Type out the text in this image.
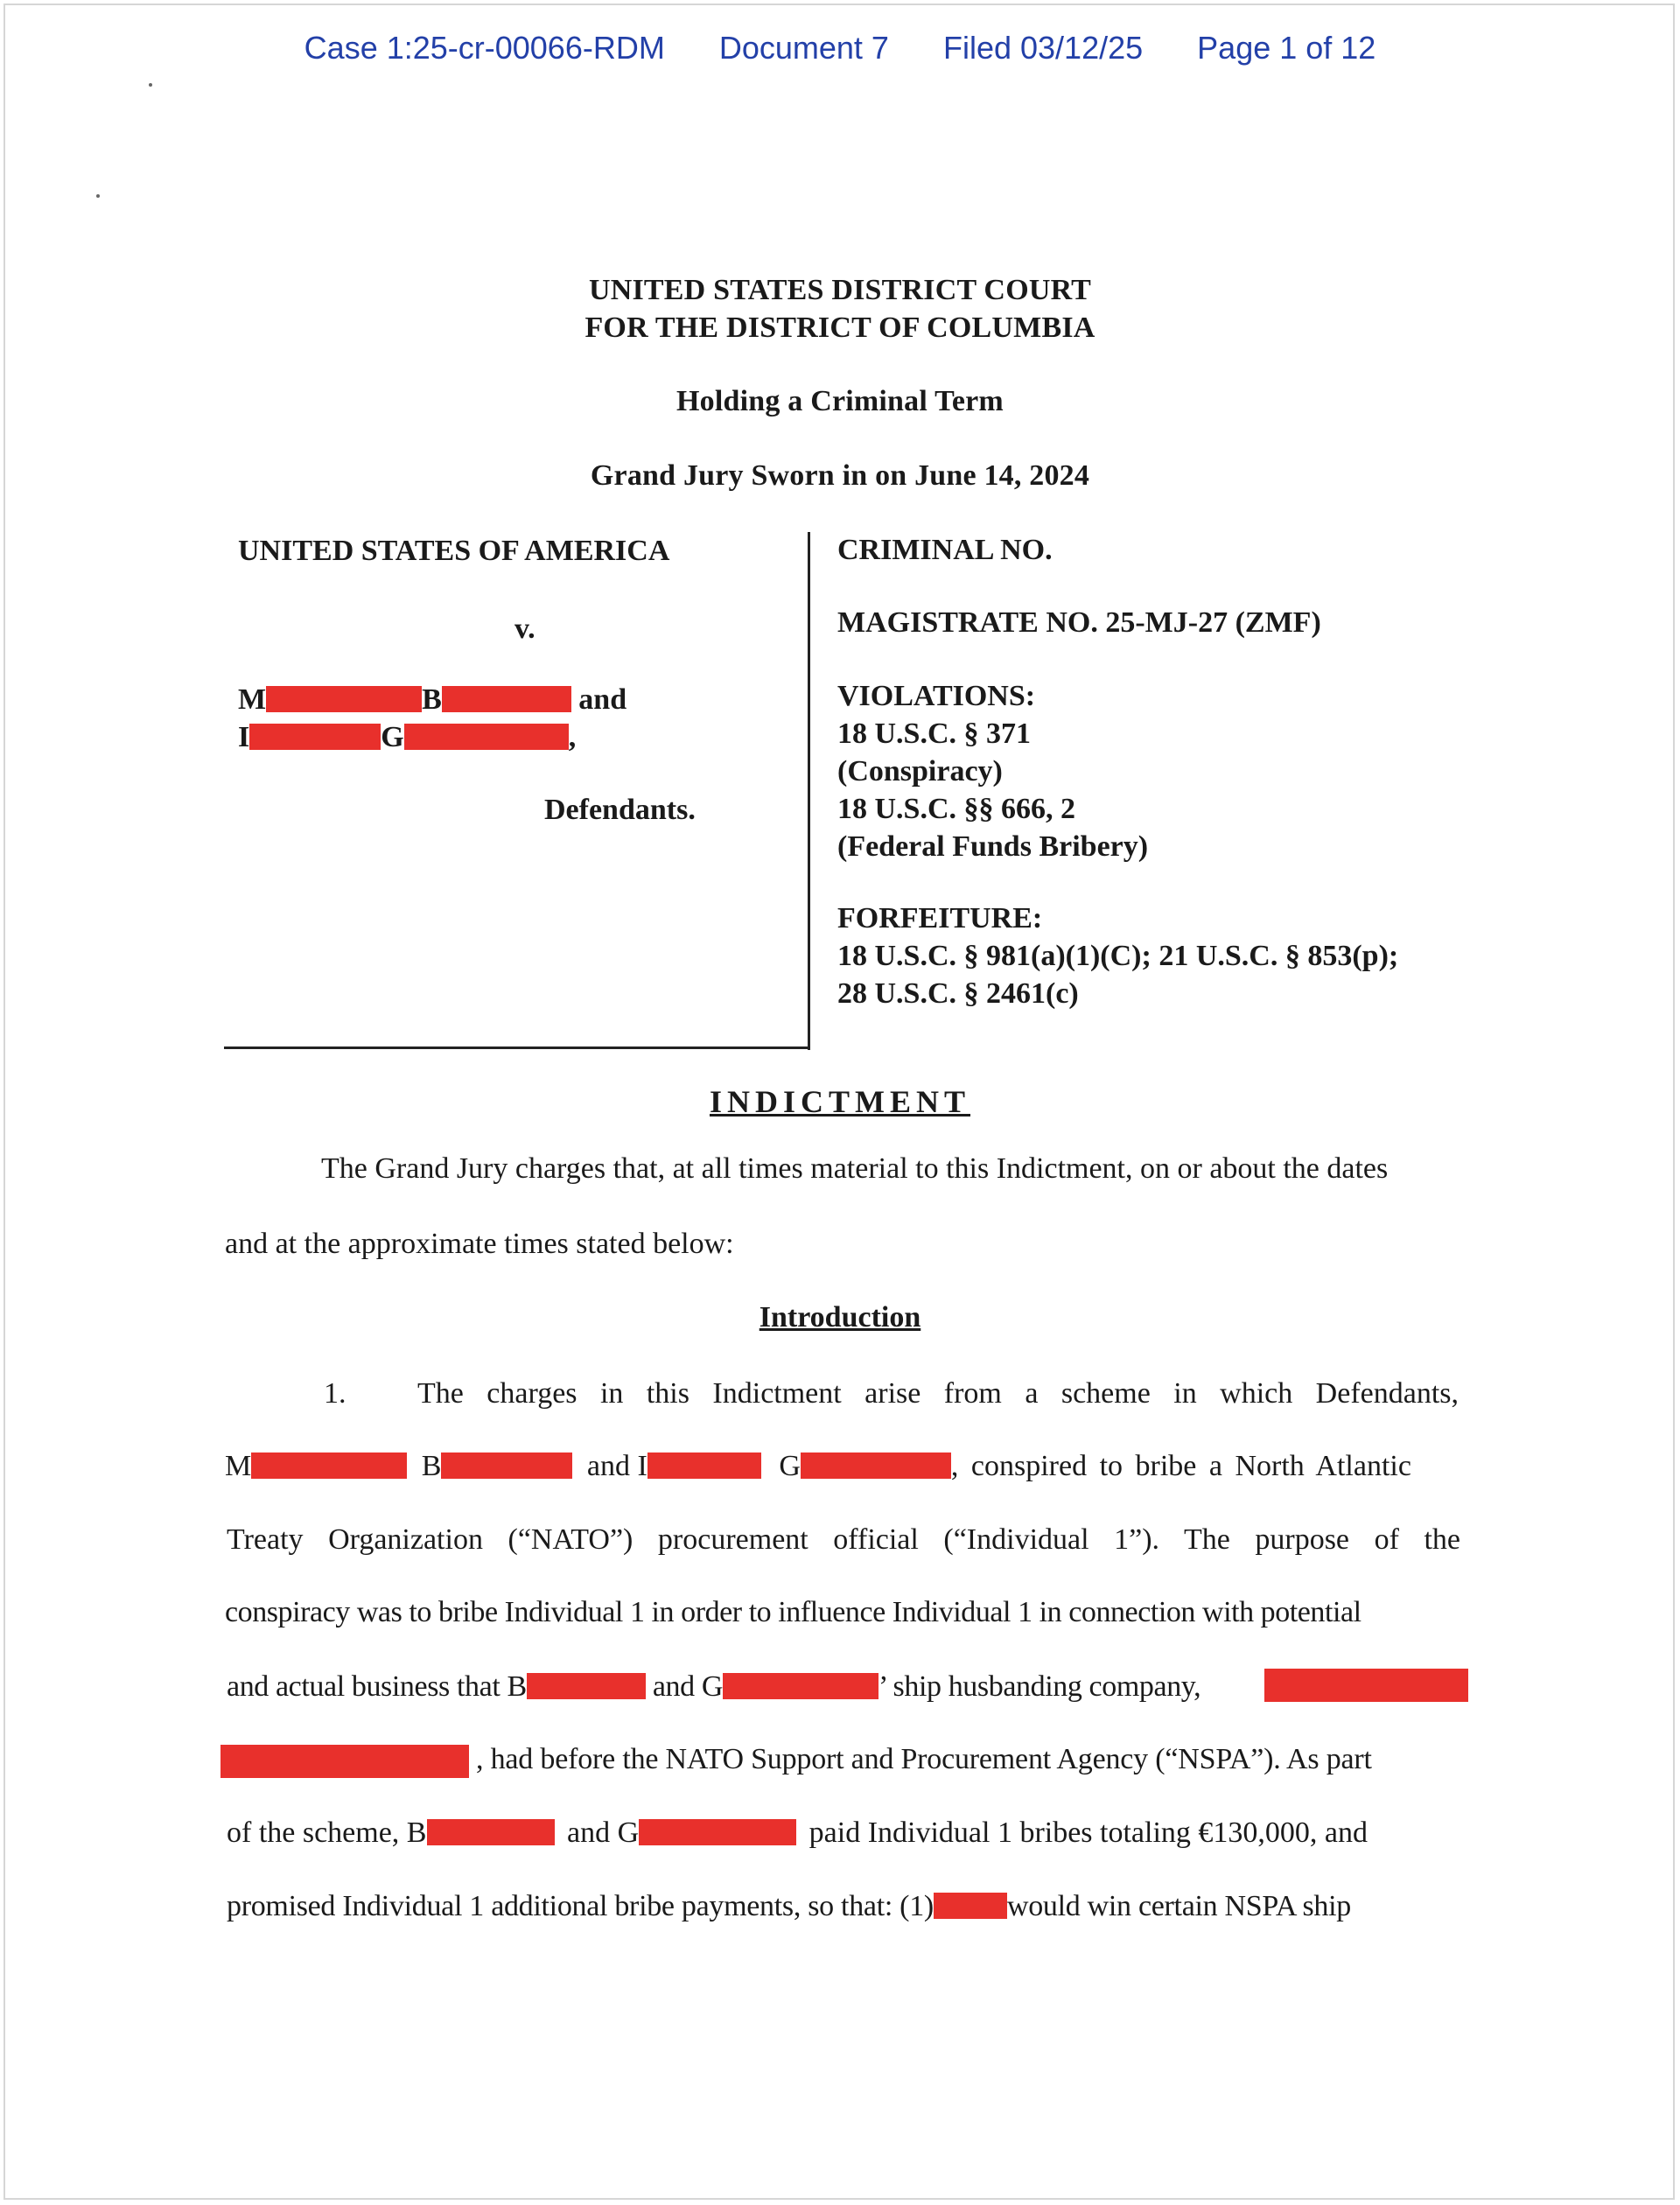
Case 1:25-cr-00066-RDM Document 7 Filed 03/12/25 Page 1 of 12
UNITED STATES DISTRICT COURT
FOR THE DISTRICT OF COLUMBIA
Holding a Criminal Term
Grand Jury Sworn in on June 14, 2024
UNITED STATES OF AMERICA
v.
M	B	and
I	G	,
Defendants.
CRIMINAL NO.
MAGISTRATE NO. 25-MJ-27 (ZMF)
VIOLATIONS:
18 U.S.C. § 371
(Conspiracy)
18 U.S.C. §§ 666, 2
(Federal Funds Bribery)
FORFEITURE:
18 U.S.C. § 981(a)(1)(C); 21 U.S.C. § 853(p);
28 U.S.C. § 2461(c)
INDICTMENT
The Grand Jury charges that, at all times material to this Indictment, on or about the dates
and at the approximate times stated below:
Introduction
1. The charges in this Indictment arise from a scheme in which Defendants,
M	B	and I	G	, conspired to bribe a North Atlantic
Treaty Organization (“NATO”) procurement official (“Individual 1”). The purpose of the
conspiracy was to bribe Individual 1 in order to influence Individual 1 in connection with potential
and actual business that B	and G	’ ship husbanding company,
, had before the NATO Support and Procurement Agency (“NSPA”). As part
of the scheme, B	and G	paid Individual 1 bribes totaling €130,000, and
promised Individual 1 additional bribe payments, so that: (1) would win certain NSPA ship
